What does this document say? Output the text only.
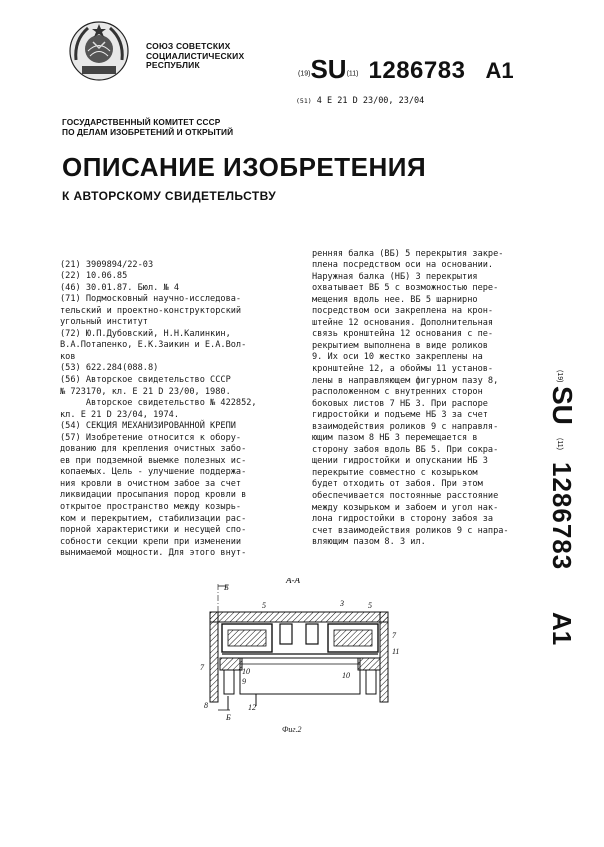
СОЮЗ СОВЕТСКИХ
СОЦИАЛИСТИЧЕСКИХ
РЕСПУБЛИК
(19)SU(11) 1286783 A1
(51) 4 E 21 D 23/00, 23/04
ГОСУДАРСТВЕННЫЙ КОМИТЕТ СССР
ПО ДЕЛАМ ИЗОБРЕТЕНИЙ И ОТКРЫТИЙ
ОПИСАНИЕ ИЗОБРЕТЕНИЯ
К АВТОРСКОМУ СВИДЕТЕЛЬСТВУ

(21) 3909894/22-03
(22) 10.06.85
(46) 30.01.87. Бюл. № 4
(71) Подмосковный научно-исследова-
тельский и проектно-конструкторский
угольный институт
(72) Ю.П.Дубовский, Н.Н.Калинкин,
В.А.Потапенко, Е.К.Заикин и Е.А.Вол-
ков
(53) 622.284(088.8)
(56) Авторское свидетельство СССР
№ 723170, кл. Е 21 D 23/00, 1980.
Авторское свидетельство № 422852,
кл. Е 21 D 23/04, 1974.
(54) СЕКЦИЯ МЕХАНИЗИРОВАННОЙ КРЕПИ
(57) Изобретение относится к обору-
дованию для крепления очистных забо-
ев при подземной выемке полезных ис-
копаемых. Цель - улучшение поддержа-
ния кровли в очистном забое за счет
ликвидации просыпания пород кровли в
открытое пространство между козырь-
ком и перекрытием, стабилизации рас-
порной характеристики и несущей спо-
собности секции крепи при изменении
вынимаемой мощности. Для этого внут-

ренняя балка (ВБ) 5 перекрытия закре-
плена посредством оси на основании.
Наружная балка (НБ) 3 перекрытия
охватывает ВБ 5 с возможностью пере-
мещения вдоль нее. ВБ 5 шарнирно
посредством оси закреплена на крон-
штейне 12 основания. Дополнительная
связь кронштейна 12 основания с пе-
рекрытием выполнена в виде роликов
9. Их оси 10 жестко закреплены на
кронштейне 12, а обоймы 11 установ-
лены в направляющем фигурном пазу 8,
расположенном с внутренних сторон
боковых листов 7 НБ 3. При распоре
гидростойки и подъеме НБ 3 за счет
взаимодействия роликов 9 с направля-
ющим пазом 8 НБ 3 перемещается в
сторону забоя вдоль ВБ 5. При сокра-
щении гидростойки и опускании НБ 3
перекрытие совместно с козырьком
будет отходить от забоя. При этом
обеспечивается постоянные расстояние
между козырьком и забоем и угол нак-
лона гидростойки в сторону забоя за
счет взаимодействия роликов 9 с напра-
вляющим пазом 8. 3 ил.

(19)
SU
(11)
1286783
A1
А-А
Б
Б
5	3	5
7
11
7	10
9
10
8	12
Фиг.2
